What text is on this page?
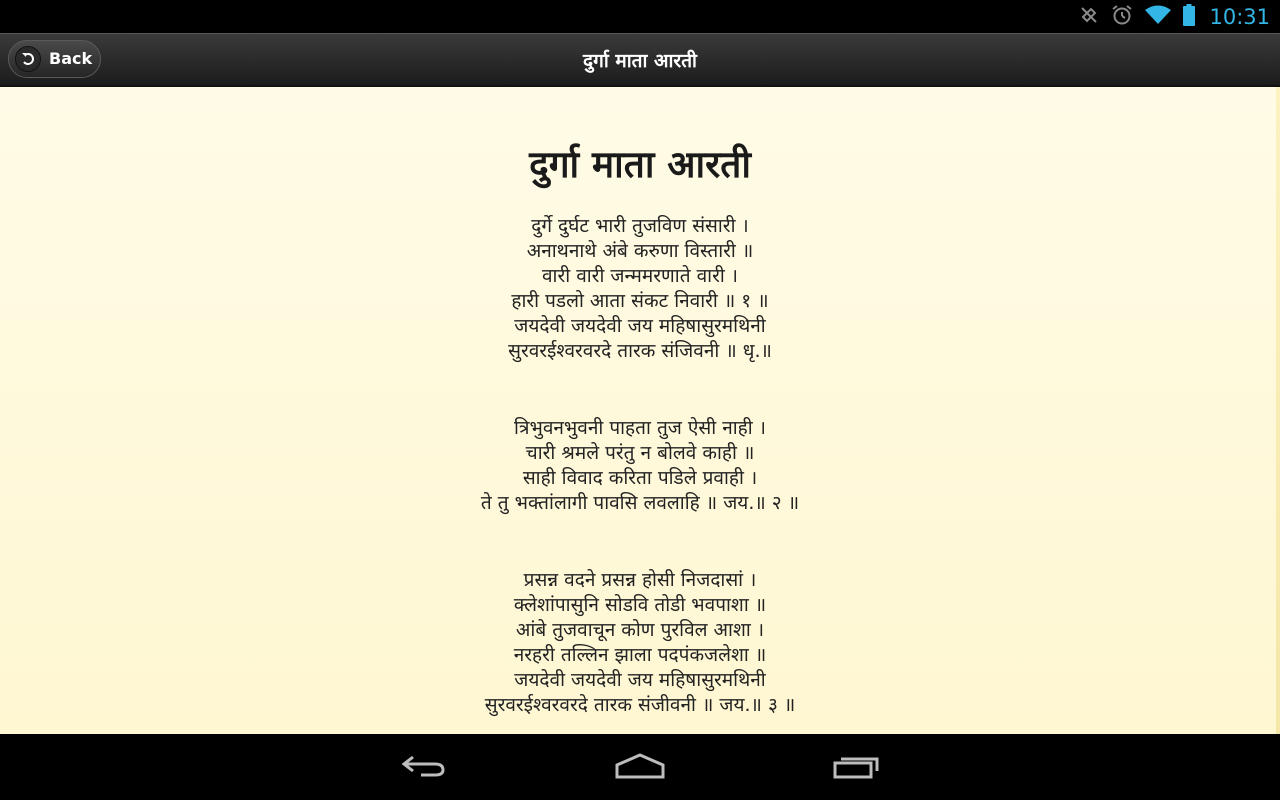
10:31
Back	दुर्गा माता आरती
दुर्गा माता आरती
दुर्गे दुर्घट भारी तुजविण संसारी ।
अनाथनाथे अंबे करुणा विस्तारी ॥
वारी वारी जन्ममरणाते वारी ।
हारी पडलो आता संकट निवारी ॥ १ ॥
जयदेवी जयदेवी जय महिषासुरमथिनी
सुरवरईश्वरवरदे तारक संजिवनी ॥ धृ.॥
त्रिभुवनभुवनी पाहता तुज ऐसी नाही ।
चारी श्रमले परंतु न बोलवे काही ॥
साही विवाद करिता पडिले प्रवाही ।
ते तु भक्तांलागी पावसि लवलाहि ॥ जय.॥ २ ॥
प्रसन्न वदने प्रसन्न होसी निजदासां ।
क्लेशांपासुनि सोडवि तोडी भवपाशा ॥
आंबे तुजवाचून कोण पुरविल आशा ।
नरहरी तल्लिन झाला पदपंकजलेशा ॥
जयदेवी जयदेवी जय महिषासुरमथिनी
सुरवरईश्वरवरदे तारक संजीवनी ॥ जय.॥ ३ ॥
